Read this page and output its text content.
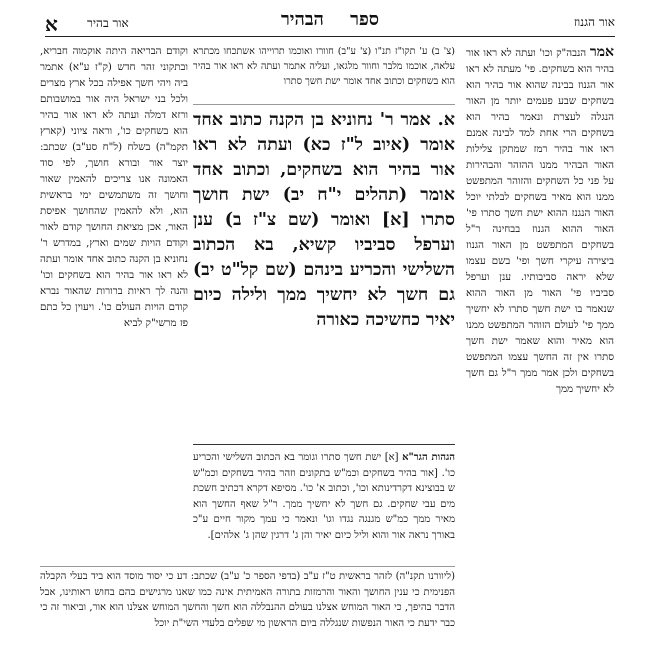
אור הגנוז
ספר הבהיר
אור בהיר
א
אמר הנבה"ק וכו' ועתה לא ראו אור בהיר הוא בשחקים. פי' מעתה לא ראו אור הגנוז בבינה שהוא אור בהיר הוא בשחקים שבע פעמים יותר מן האור הנגלה לעצרת ונאמר בהיר הוא בשחקים הרי אחת למד לבינה אמנם ראו אור בהיר רמז שמתקן צלילות האור הבהיר ממנו ההזהר והבהירות על פני כל השחקים והזוהר המתפשט ממנו הוא מאיר בשחקים לבלתי יוכל האור הנגנז ההוא ישת חשך סתרו פי' האור ההוא הגנוז בבחינה ר"ל בשחקים המתפשט מן האור הגנוז ביצירה עיקרי חשך ופי' בשם עצמו שלא יראה סביבותיו. ענן וערפל סביביו פי' האור מן האור ההוא שנאמר בו ישת חשך סתרו לא יחשיך ממך פי' לעולם הזוהר המתפשט ממנו הוא מאיר והוא שאמר ישת חשך סתרו אין זה החשך עצמו המתפשט בשחקים ולכן אמר ממך ר"ל גם חשך לא יחשיך ממך

(צ' ב) ע' תקו"ז תנ"ו (צ' ע"ב) חוורו ואוכמו תרוייהו אשתכחו מכתרא עלאה, אוכמו מלבר וחוור מלגאו, ועליה אתמר ועתה לא ראו אור בהיר הוא בשחקים וכתוב אחד אומר ישת חשך סתרו

א. אמר ר' נחוניא בן הקנה כתוב אחד אומר (איוב ל"ז כא) ועתה לא ראו אור בהיר הוא בשחקים, וכתוב אחד אומר (תהלים י"ח יב) ישת חושך סתרו [א] ואומר (שם צ"ז ב) ענן וערפל סביביו קשיא, בא הכתוב השלישי והכריע בינהם (שם קל"ט יב) גם חשך לא יחשיך ממך ולילה כיום יאיר כחשיכה כאורה
הגהות הגר"א [א] ישת חשך סתרו וגומר בא הכתוב השלישי והכריע כו'. [אור בהיר בשחקים וכמ"ש בתקונים וזהר בהיר בשחקים וכמ"ש ש בבוצינא דקרדינותא וכו', וכתוב א' כו'. מסיפא דקרא דכתיב חשכת מים עבי שחקים. גם חשך לא יחשיך ממך. ר"ל שאף החשך הוא מאיר ממך כמ"ש מגנגה נגדו וגו' ונאמר כי עמך מקור חיים ע"כ באורך נראה אור והוא וליל כיום יאיר והן ג' דרגין שהן ג' אלהים].

וקודם הבריאה היתה אוקמוה חבריא, ובתקוני זהר חדש (ק"ז ע"א) אתמר ביה ויהי חשך אפילה בכל ארץ מצרים ולכל בני ישראל היה אור במושבותם ורזא דמלה ועתה לא ראו אור בהיר הוא בשחקים כו', וראה ציוני (קארץ תקמ"ה) בשלח (ל"ח סע"ב) שכתב: יוצר אור ובורא חושך, לפי סוד האמונה אנו צריכים להאמין שאור וחושך זה משתמשים ימי בראשית הוא, ולא להאמין שהחושך אפיסת האור, אכן מציאת החושך קודם לאור וקודם הויות שמים וארץ, במדרש ר' נחוניא בן הקנה כתוב אחד אומר ועתה לא ראו אור בהיר הוא בשחקים וכו' והנה לך ראיות ברורות שהאור נברא קודם הויות העולם כו'. ויעוין כל כתם פז מרשי"ק לביא

(ליוורנו תקנ"ה) לזהר בראשית ט"ז ע"ב (בדפי הספר כ' ע"ב) שכתב: דע כי יסוד מוסד הוא ביד בעלי הקבלה הפנימית כי ענין החושך והאור והרמזות בתורה האמיתית אינה כמו שאנו מרגישים בהם בחוש ראותינו, אבל הדבר בהיפך, כי האור המוחש אצלנו בעולם ההנבללה הוא חשך והחשך המוחש אצלנו הוא אור, וביאור זה כי כבר ידעת כי האור הנפשות שנגללה ביום הראשון מי שפלים בלעדי השי"ת יוכל
